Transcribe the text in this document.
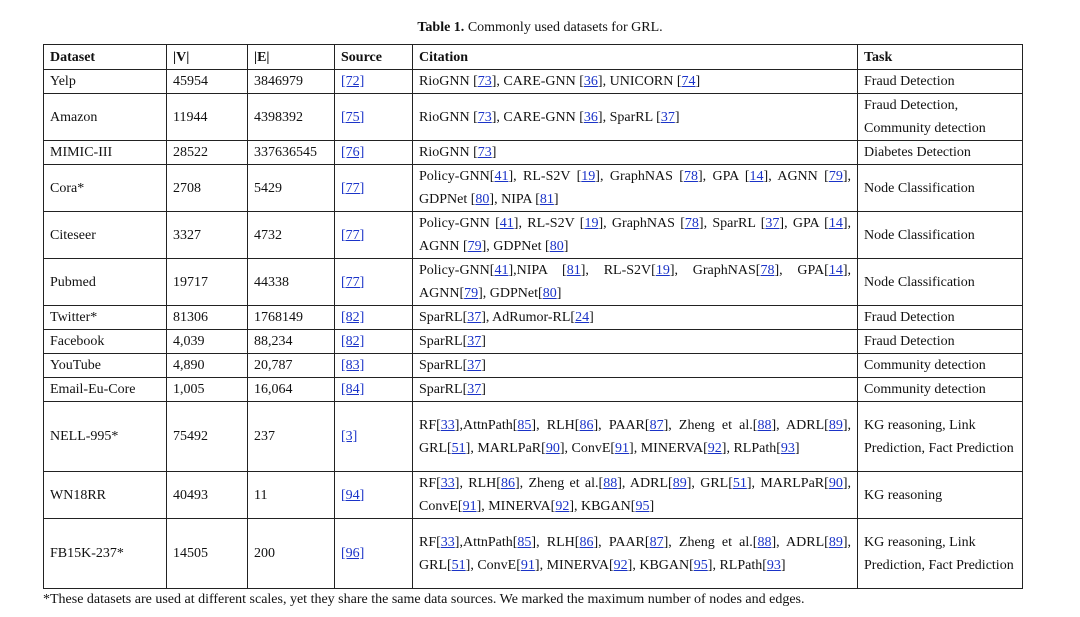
Table 1. Commonly used datasets for GRL.
Dataset	|V|	|E|	Source	Citation	Task
Yelp	45954	3846979	[72]	RioGNN [73], CARE-GNN [36], UNICORN [74]	Fraud Detection
Amazon	11944	4398392	[75]	RioGNN [73], CARE-GNN [36], SparRL [37]	Fraud Detection, Community detection
MIMIC-III	28522	337636545	[76]	RioGNN [73]	Diabetes Detection
Cora*	2708	5429	[77]	Policy-GNN[41], RL-S2V [19], GraphNAS [78], GPA [14], AGNN [79], GDPNet [80], NIPA [81]	Node Classification
Citeseer	3327	4732	[77]	Policy-GNN [41], RL-S2V [19], GraphNAS [78], SparRL [37], GPA [14], AGNN [79], GDPNet [80]	Node Classification
Pubmed	19717	44338	[77]	Policy-GNN[41],NIPA [81], RL-S2V[19], GraphNAS[78], GPA[14], AGNN[79], GDPNet[80]	Node Classification
Twitter*	81306	1768149	[82]	SparRL[37], AdRumor-RL[24]	Fraud Detection
Facebook	4,039	88,234	[82]	SparRL[37]	Fraud Detection
YouTube	4,890	20,787	[83]	SparRL[37]	Community detection
Email-Eu-Core	1,005	16,064	[84]	SparRL[37]	Community detection
NELL-995*	75492	237	[3]	RF[33],AttnPath[85], RLH[86], PAAR[87], Zheng et al.[88], ADRL[89], GRL[51], MARLPaR[90], ConvE[91], MINERVA[92], RLPath[93]	KG reasoning, Link Prediction, Fact Prediction
WN18RR	40493	11	[94]	RF[33], RLH[86], Zheng et al.[88], ADRL[89], GRL[51], MARLPaR[90], ConvE[91], MINERVA[92], KBGAN[95]	KG reasoning
FB15K-237*	14505	200	[96]	RF[33],AttnPath[85], RLH[86], PAAR[87], Zheng et al.[88], ADRL[89], GRL[51], ConvE[91], MINERVA[92], KBGAN[95], RLPath[93]	KG reasoning, Link Prediction, Fact Prediction
*These datasets are used at different scales, yet they share the same data sources. We marked the maximum number of nodes and edges.
